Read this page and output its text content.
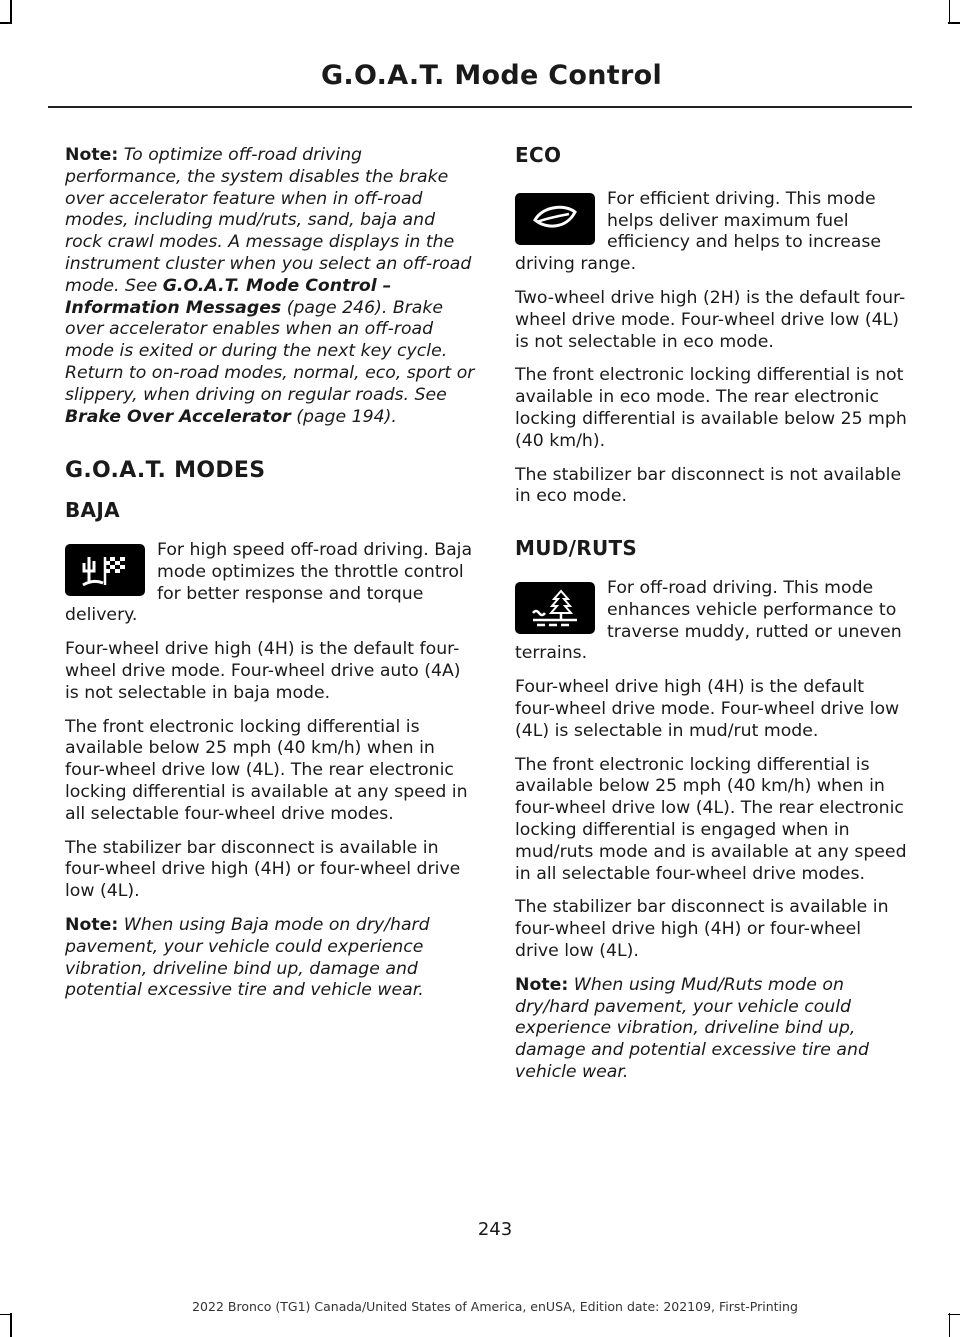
G.O.A.T. Mode Control

Note: To optimize off-road driving performance, the system disables the brake over accelerator feature when in off-road modes, including mud/ruts, sand, baja and rock crawl modes. A message displays in the instrument cluster when you select an off-road mode. See G.O.A.T. Mode Control – Information Messages (page 246). Brake over accelerator enables when an off-road mode is exited or during the next key cycle. Return to on-road modes, normal, eco, sport or slippery, when driving on regular roads. See Brake Over Accelerator (page 194).

G.O.A.T. MODES
BAJA

For high speed off-road driving. Baja mode optimizes the throttle control for better response and torque delivery.

Four-wheel drive high (4H) is the default four-wheel drive mode. Four-wheel drive auto (4A) is not selectable in baja mode.

The front electronic locking differential is available below 25 mph (40 km/h) when in four-wheel drive low (4L). The rear electronic locking differential is available at any speed in all selectable four-wheel drive modes.

The stabilizer bar disconnect is available in four-wheel drive high (4H) or four-wheel drive low (4L).

Note: When using Baja mode on dry/hard pavement, your vehicle could experience vibration, driveline bind up, damage and potential excessive tire and vehicle wear.

ECO

For efficient driving. This mode helps deliver maximum fuel efficiency and helps to increase driving range.

Two-wheel drive high (2H) is the default four-wheel drive mode. Four-wheel drive low (4L) is not selectable in eco mode.

The front electronic locking differential is not available in eco mode. The rear electronic locking differential is available below 25 mph (40 km/h).

The stabilizer bar disconnect is not available in eco mode.

MUD/RUTS

For off-road driving. This mode enhances vehicle performance to traverse muddy, rutted or uneven terrains.

Four-wheel drive high (4H) is the default four-wheel drive mode. Four-wheel drive low (4L) is selectable in mud/rut mode.

The front electronic locking differential is available below 25 mph (40 km/h) when in four-wheel drive low (4L). The rear electronic locking differential is engaged when in mud/ruts mode and is available at any speed in all selectable four-wheel drive modes.

The stabilizer bar disconnect is available in four-wheel drive high (4H) or four-wheel drive low (4L).

Note: When using Mud/Ruts mode on dry/hard pavement, your vehicle could experience vibration, driveline bind up, damage and potential excessive tire and vehicle wear.

243
2022 Bronco (TG1) Canada/United States of America, enUSA, Edition date: 202109, First-Printing
